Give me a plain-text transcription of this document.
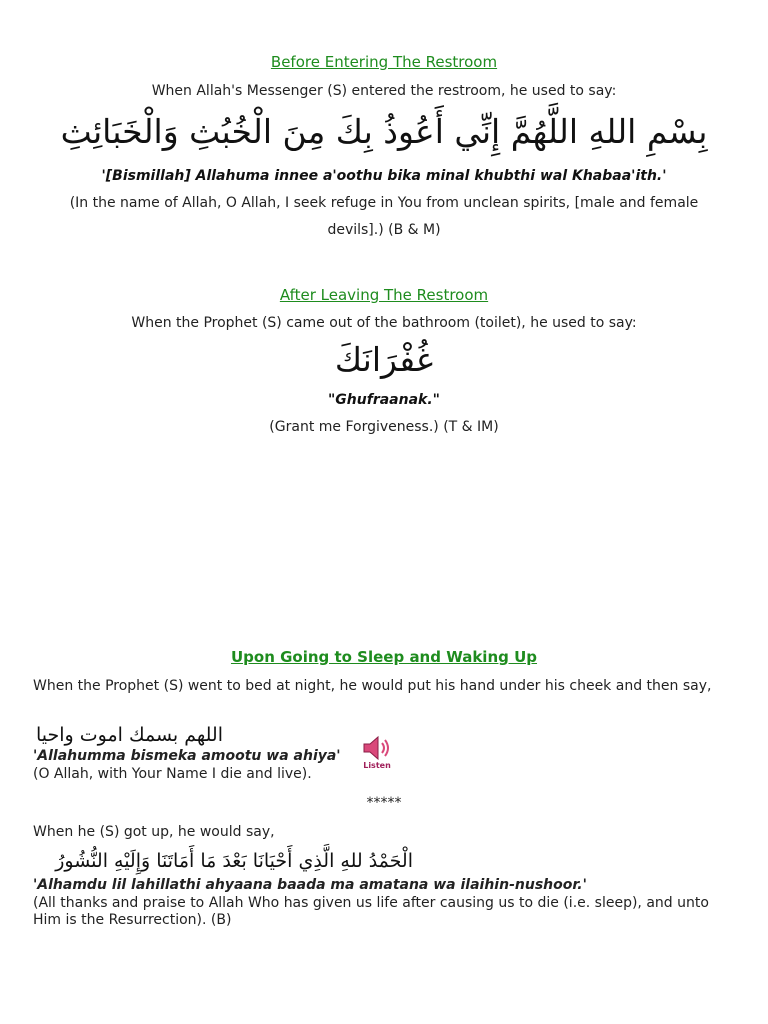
Before Entering The Restroom
When Allah's Messenger (S) entered the restroom, he used to say:
بِسْمِ اللهِ اللَّهُمَّ إِنِّي أَعُوذُ بِكَ مِنَ الْخُبُثِ وَالْخَبَائِثِ
'[Bismillah] Allahuma innee a'oothu bika minal khubthi wal Khabaa'ith.'
(In the name of Allah, O Allah, I seek refuge in You from unclean spirits, [male and female
devils].) (B & M)
After Leaving The Restroom
When the Prophet (S) came out of the bathroom (toilet), he used to say:
غُفْرَانَكَ
"Ghufraanak."
(Grant me Forgiveness.) (T & IM)
Upon Going to Sleep and Waking Up
When the Prophet (S) went to bed at night, he would put his hand under his cheek and then say,
اللهم بسمك اموت واحيا
'Allahumma bismeka amootu wa ahiya'
(O Allah, with Your Name I die and live).
Listen
*****
When he (S) got up, he would say,
الْحَمْدُ للهِ الَّذِي أَحْيَانَا بَعْدَ مَا أَمَاتَنَا وَإِلَيْهِ النُّشُورُ
'Alhamdu lil lahillathi ahyaana baada ma amatana wa ilaihin-nushoor.'
(All thanks and praise to Allah Who has given us life after causing us to die (i.e. sleep), and unto Him is the Resurrection). (B)
